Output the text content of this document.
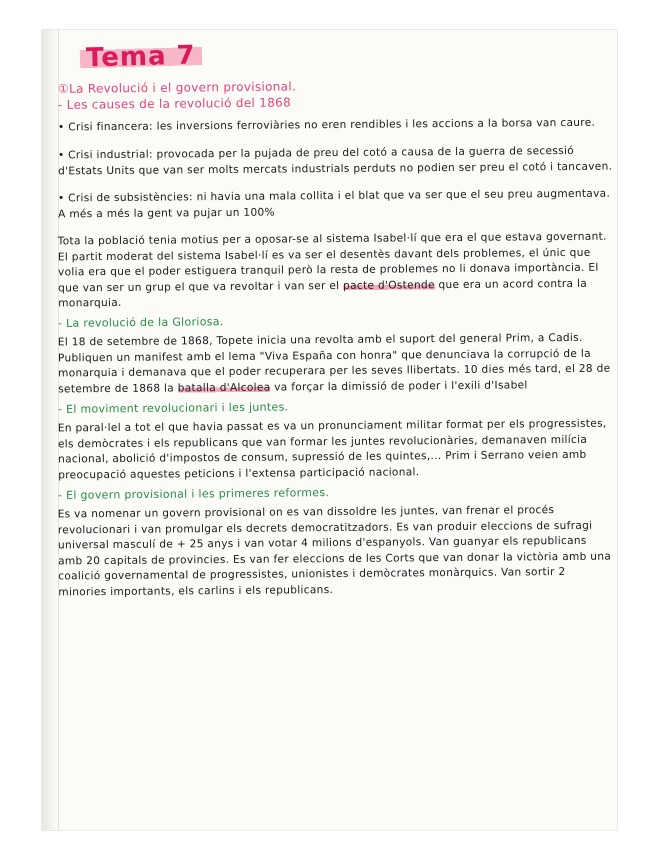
Tema 7
①La Revolució i el govern provisional.
- Les causes de la revolució del 1868
• Crisi financera: les inversions ferroviàries no eren rendibles i les accions a la borsa van caure.
• Crisi industrial: provocada per la pujada de preu del cotó a causa de la guerra de secessió d'Estats Units que van ser molts mercats industrials perduts no podien ser preu el cotó i tancaven.
• Crisi de subsistències: ni havia una mala collita i el blat que va ser que el seu preu augmentava. A més a més la gent va pujar un 100%
Tota la població tenia motius per a oposar-se al sistema Isabel·lí que era el que estava governant. El partit moderat del sistema Isabel·lí es va ser el desentès davant dels problemes, el únic que volia era que el poder estiguera tranquil però la resta de problemes no li donava importància. El que van ser un grup el que va revoltar i van ser el pacte d'Ostende que era un acord contra la monarquia.
- La revolució de la Gloriosa.
El 18 de setembre de 1868, Topete inicia una revolta amb el suport del general Prim, a Cadis. Publiquen un manifest amb el lema "Viva España con honra" que denunciava la corrupció de la monarquia i demanava que el poder recuperara per les seves llibertats. 10 dies més tard, el 28 de setembre de 1868 la batalla d'Alcolea va forçar la dimissió de poder i l'exili d'Isabel
- El moviment revolucionari i les juntes.
En paral·lel a tot el que havia passat es va un pronunciament militar format per els progressistes, els demòcrates i els republicans que van formar les juntes revolucionàries, demanaven milícia nacional, abolició d'impostos de consum, supressió de les quintes,... Prim i Serrano veien amb preocupació aquestes peticions i l'extensa participació nacional.
- El govern provisional i les primeres reformes.
Es va nomenar un govern provisional on es van dissoldre les juntes, van frenar el procés revolucionari i van promulgar els decrets democratitzadors. Es van produir eleccions de sufragi universal masculí de + 25 anys i van votar 4 milions d'espanyols. Van guanyar els republicans amb 20 capitals de provincies. Es van fer eleccions de les Corts que van donar la victòria amb una coalició governamental de progressistes, unionistes i demòcrates monàrquics. Van sortir 2 minories importants, els carlins i els republicans.
